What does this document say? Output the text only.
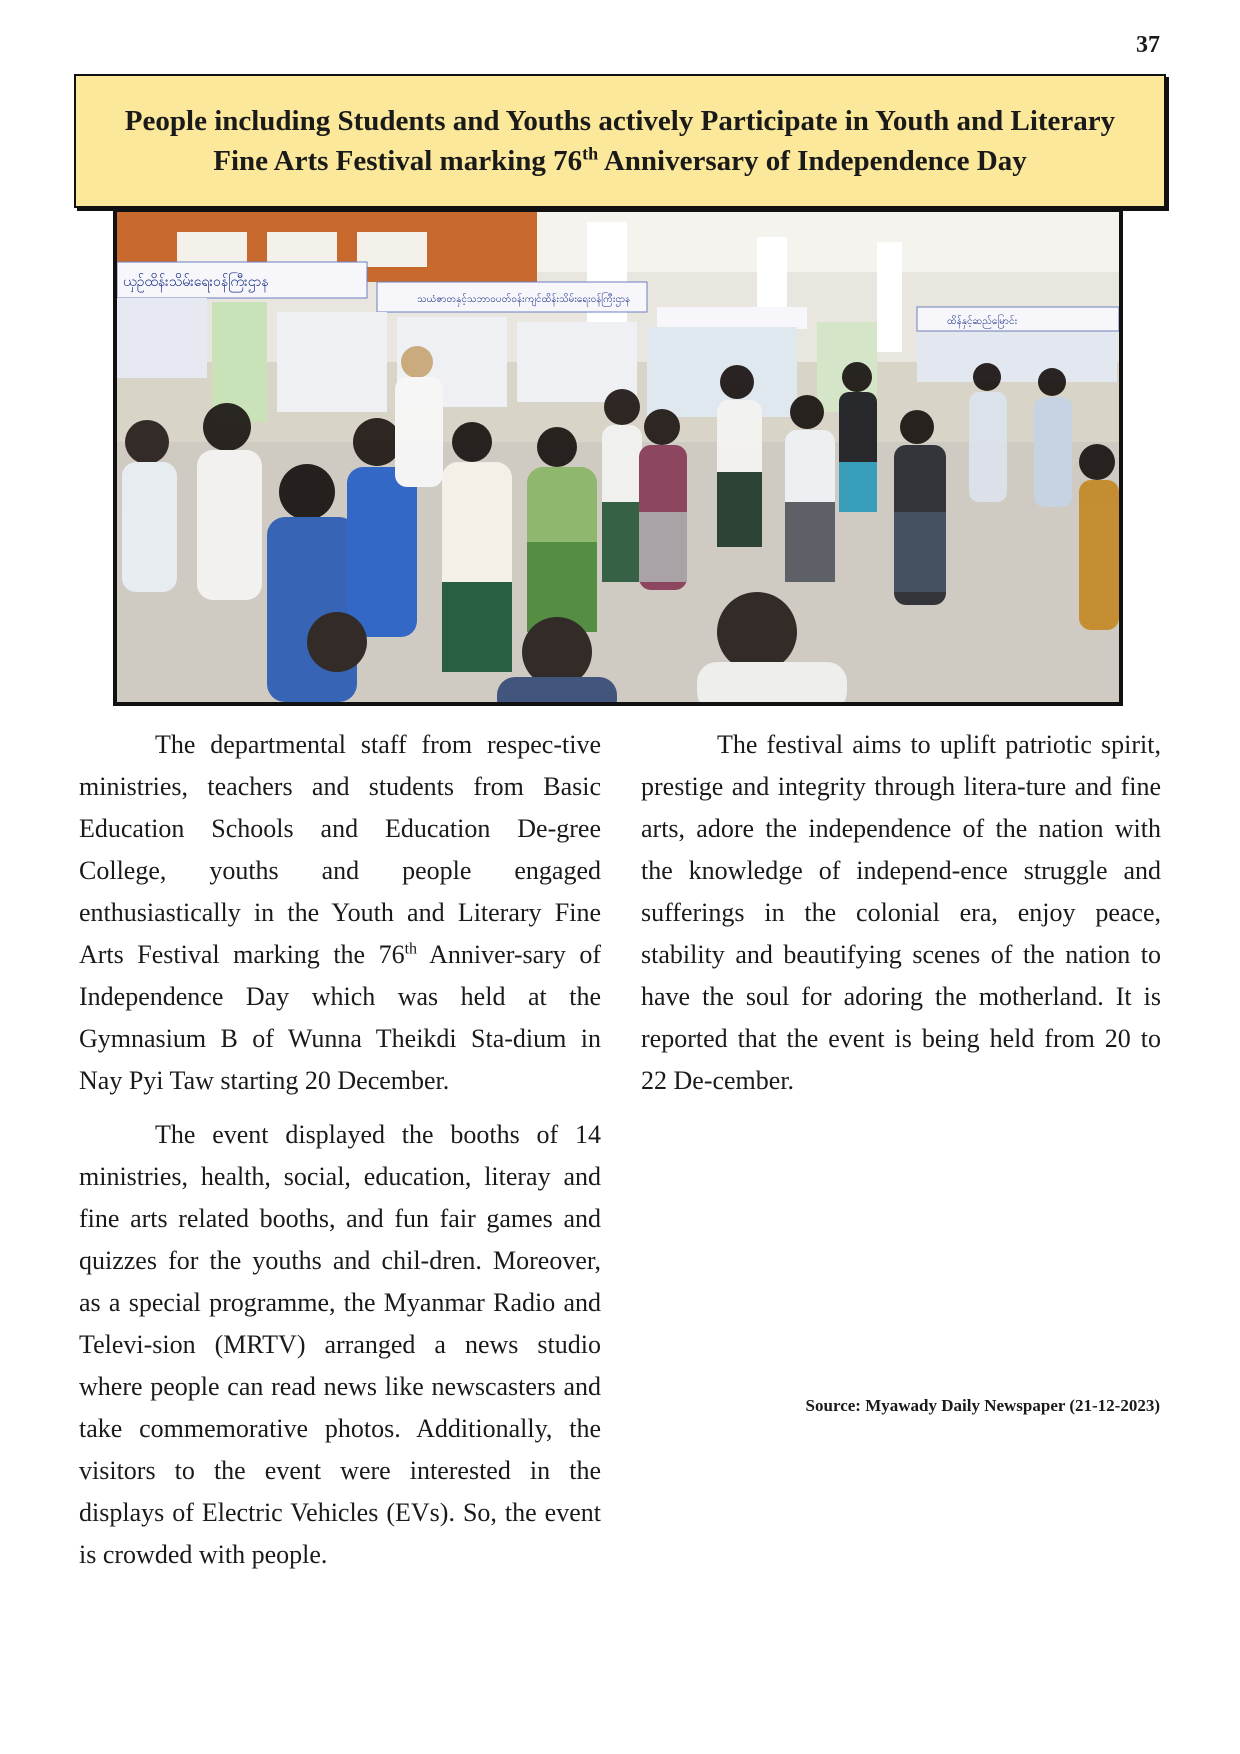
37
People including Students and Youths actively Participate in Youth and Literary
Fine Arts Festival marking 76th Anniversary of Independence Day
ယှဉ်ထိန်းသိမ်းရေးဝန်ကြီးဌာန
သယံဇာတနှင့်သဘာဝပတ်ဝန်းကျင်ထိန်းသိမ်းရေးဝန်ကြီးဌာန
ထိန်နှင့်ဆည်မြောင်း

The departmental staff from respec-tive ministries, teachers and students from Basic Education Schools and Education De-gree College, youths and people engaged enthusiastically in the Youth and Literary Fine Arts Festival marking the 76th Anniver-sary of Independence Day which was held at the Gymnasium B of Wunna Theikdi Sta-dium in Nay Pyi Taw starting 20 December.

The event displayed the booths of 14 ministries, health, social, education, literay and fine arts related booths, and fun fair games and quizzes for the youths and chil-dren. Moreover, as a special programme, the Myanmar Radio and Televi-sion (MRTV) arranged a news studio where people can read news like newscasters and take commemorative photos. Additionally, the visitors to the event were interested in the displays of Electric Vehicles (EVs). So, the event is crowded with people.

The festival aims to uplift patriotic spirit, prestige and integrity through litera-ture and fine arts, adore the independence of the nation with the knowledge of independ-ence struggle and sufferings in the colonial era, enjoy peace, stability and beautifying scenes of the nation to have the soul for adoring the motherland. It is reported that the event is being held from 20 to 22 De-cember.

Source: Myawady Daily Newspaper (21-12-2023)
